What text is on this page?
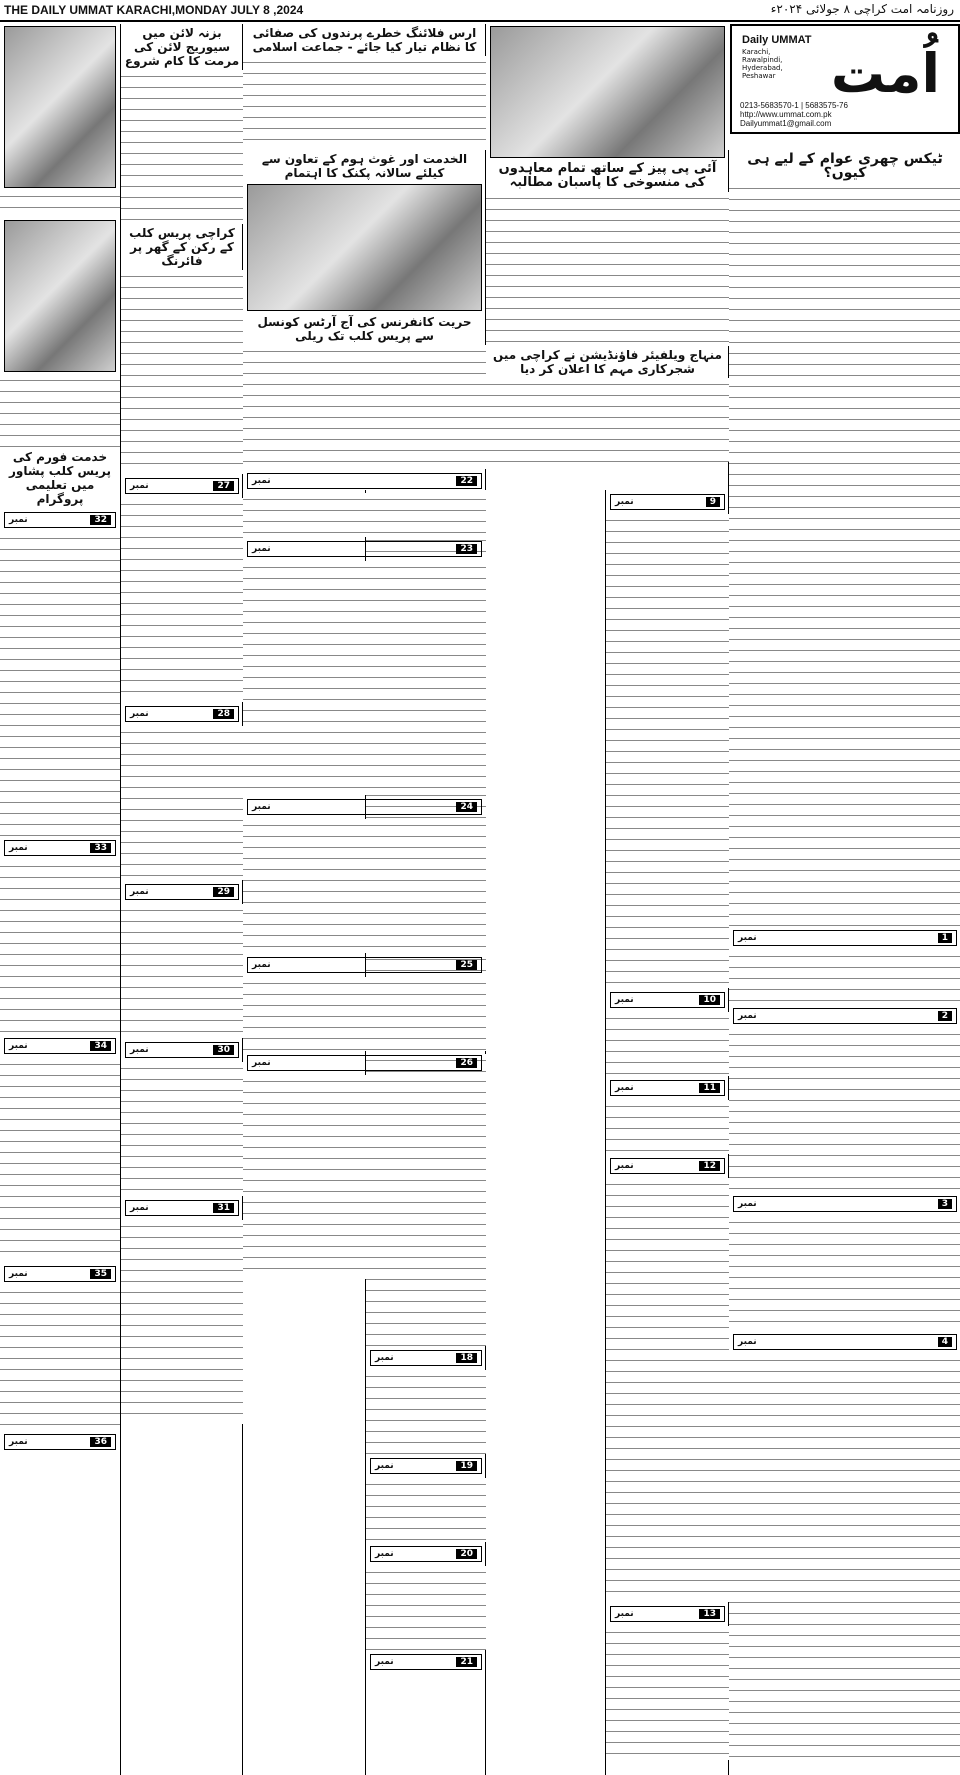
THE DAILY UMMAT KARACHI,MONDAY JULY 8 ,2024	روزنامہ امت کراچی ۸ جولائی ۲۰۲۴ء
Daily UMMAT
Karachi,
Rawalpindi,
Hyderabad,
Peshawar اُمت
0213-5683570-1 | 5683575-76
http://www.ummat.com.pk
Dailyummat1@gmail.com
ٹیکس چھری عوام کے لیے ہی کیوں؟
1
نمبر
2
نمبر
3
نمبر
4
نمبر
آئی پی پیز کے ساتھ تمام معاہدوں کی منسوخی کا پاسبان مطالبہ
منہاج ویلفیئر فاؤنڈیشن نے کراچی میں شجرکاری مہم کا اعلان کر دیا
18
نمبر
19
نمبر
20
نمبر
21
نمبر
9
نمبر
10
نمبر
11
نمبر
12
نمبر
13
نمبر
ارس فلائنگ خطرے پرندوں کی صفائی کا نظام تیار کیا جائے - جماعت اسلامی
الخدمت اور غوث ہوم کے تعاون سے کیلئے سالانہ پکنک کا اہتمام
حریت کانفرنس کی آج آرٹس کونسل سے پریس کلب تک ریلی
22
نمبر
23
نمبر
24
نمبر
25
نمبر
26
نمبر
بزنہ لائن میں سیوریج لائن کی مرمت کا کام شروع
کراچی پریس کلب کے رکن کے گھر پر فائرنگ
27
نمبر
28
نمبر
29
نمبر
30
نمبر
31
نمبر
خدمت فورم کی پریس کلب پشاور میں تعلیمی پروگرام
32
نمبر
33
نمبر
34
نمبر
35
نمبر
36
نمبر
